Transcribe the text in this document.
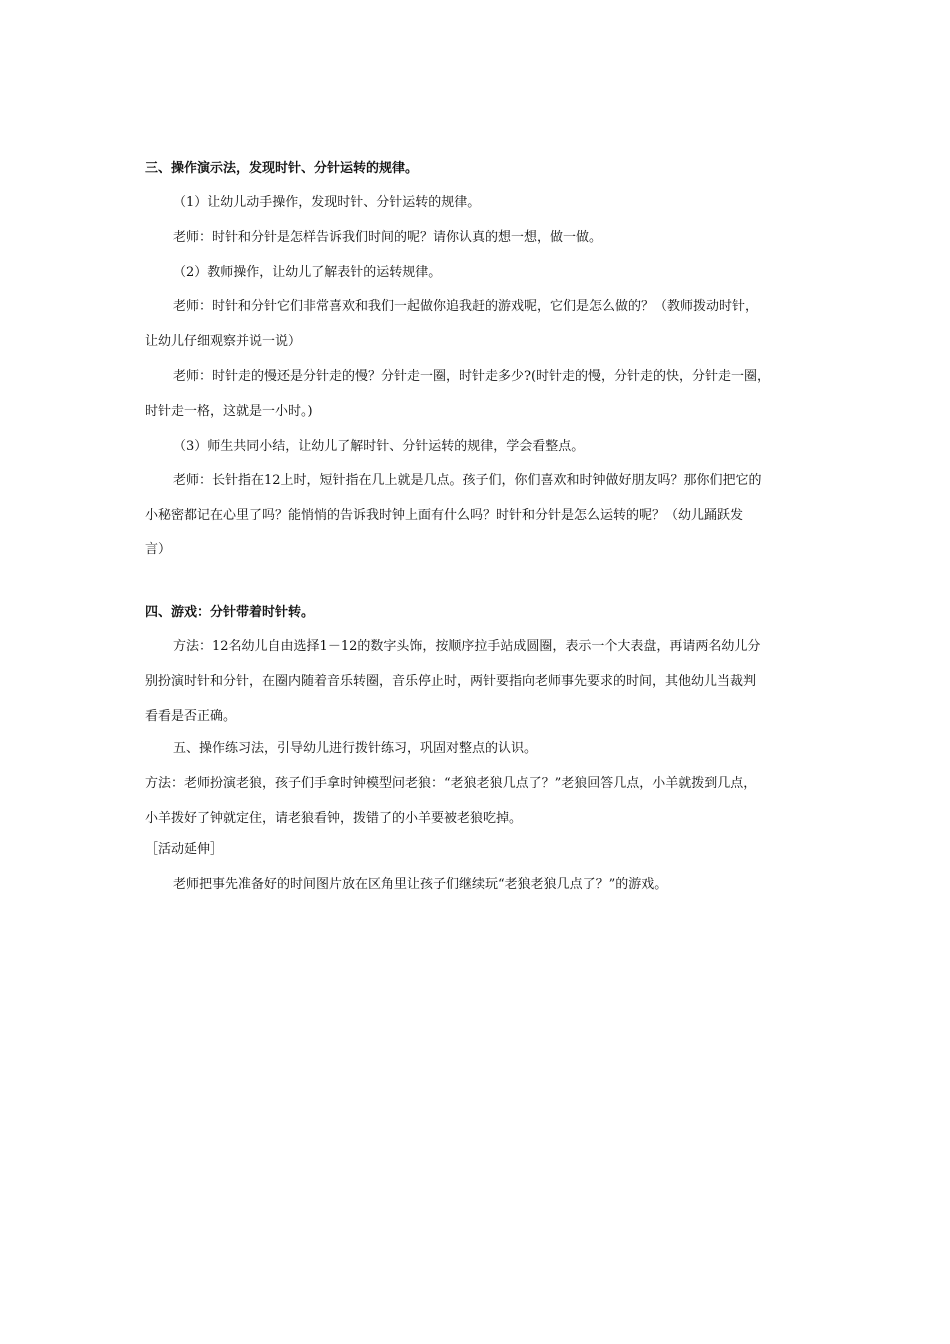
三、操作演示法，发现时针、分针运转的规律。
（1）让幼儿动手操作，发现时针、分针运转的规律。
老师：时针和分针是怎样告诉我们时间的呢？请你认真的想一想，做一做。
（2）教师操作，让幼儿了解表针的运转规律。
老师：时针和分针它们非常喜欢和我们一起做你追我赶的游戏呢，它们是怎么做的？（教师拨动时针，
让幼儿仔细观察并说一说）
老师：时针走的慢还是分针走的慢？分针走一圈，时针走多少?(时针走的慢，分针走的快，分针走一圈，
时针走一格，这就是一小时。)
（3）师生共同小结，让幼儿了解时针、分针运转的规律，学会看整点。
老师：长针指在12上时，短针指在几上就是几点。孩子们，你们喜欢和时钟做好朋友吗？那你们把它的
小秘密都记在心里了吗？能悄悄的告诉我时钟上面有什么吗？时针和分针是怎么运转的呢？（幼儿踊跃发
言）
四、游戏：分针带着时针转。
方法：12名幼儿自由选择1－12的数字头饰，按顺序拉手站成圆圈，表示一个大表盘，再请两名幼儿分
别扮演时针和分针，在圈内随着音乐转圈，音乐停止时，两针要指向老师事先要求的时间，其他幼儿当裁判
看看是否正确。
五、操作练习法，引导幼儿进行拨针练习，巩固对整点的认识。
方法：老师扮演老狼，孩子们手拿时钟模型问老狼：“老狼老狼几点了？”老狼回答几点，小羊就拨到几点，
小羊拨好了钟就定住，请老狼看钟，拨错了的小羊要被老狼吃掉。
［活动延伸］
老师把事先准备好的时间图片放在区角里让孩子们继续玩“老狼老狼几点了？”的游戏。
